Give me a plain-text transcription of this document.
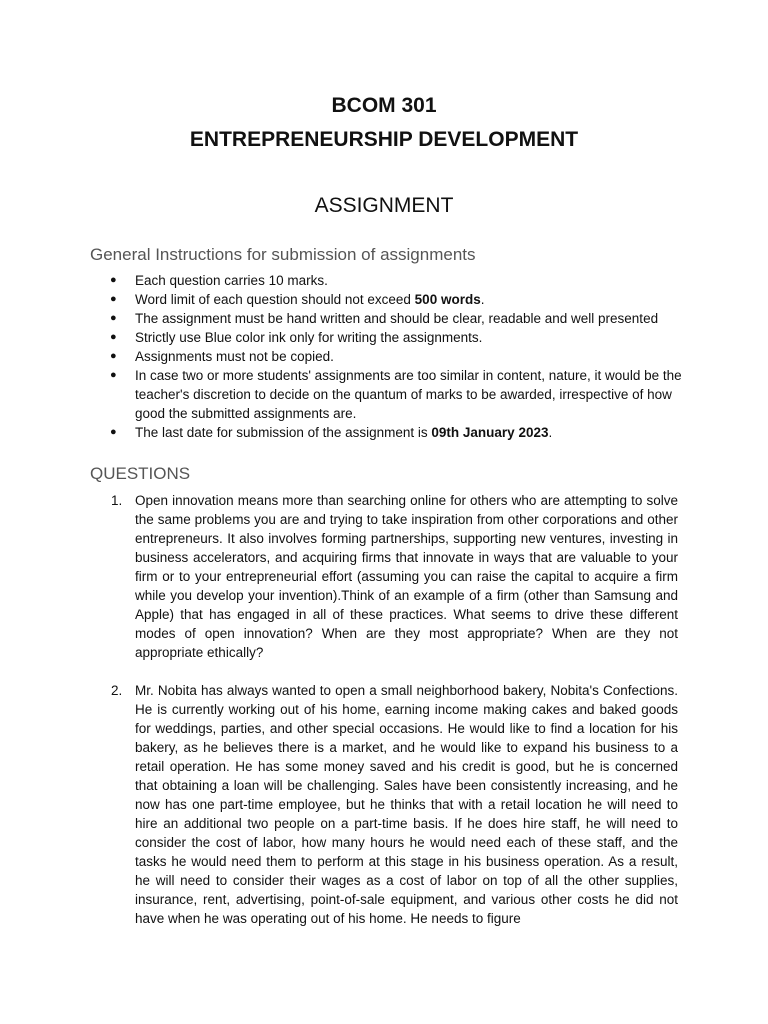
BCOM 301
ENTREPRENEURSHIP DEVELOPMENT
ASSIGNMENT
General Instructions for submission of assignments
● Each question carries 10 marks.
● Word limit of each question should not exceed 500 words.
● The assignment must be hand written and should be clear, readable and well presented
● Strictly use Blue color ink only for writing the assignments.
● Assignments must not be copied.
● In case two or more students' assignments are too similar in content, nature, it would be the teacher's discretion to decide on the quantum of marks to be awarded, irrespective of how good the submitted assignments are.
● The last date for submission of the assignment is 09th January 2023.
QUESTIONS
1. Open innovation means more than searching online for others who are attempting to solve the same problems you are and trying to take inspiration from other corporations and other entrepreneurs. It also involves forming partnerships, supporting new ventures, investing in business accelerators, and acquiring firms that innovate in ways that are valuable to your firm or to your entrepreneurial effort (assuming you can raise the capital to acquire a firm while you develop your invention).Think of an example of a firm (other than Samsung and Apple) that has engaged in all of these practices. What seems to drive these different modes of open innovation? When are they most appropriate? When are they not appropriate ethically?
2. Mr. Nobita has always wanted to open a small neighborhood bakery, Nobita's Confections. He is currently working out of his home, earning income making cakes and baked goods for weddings, parties, and other special occasions. He would like to find a location for his bakery, as he believes there is a market, and he would like to expand his business to a retail operation. He has some money saved and his credit is good, but he is concerned that obtaining a loan will be challenging. Sales have been consistently increasing, and he now has one part-time employee, but he thinks that with a retail location he will need to hire an additional two people on a part-time basis. If he does hire staff, he will need to consider the cost of labor, how many hours he would need each of these staff, and the tasks he would need them to perform at this stage in his business operation. As a result, he will need to consider their wages as a cost of labor on top of all the other supplies, insurance, rent, advertising, point-of-sale equipment, and various other costs he did not have when he was operating out of his home. He needs to figure
